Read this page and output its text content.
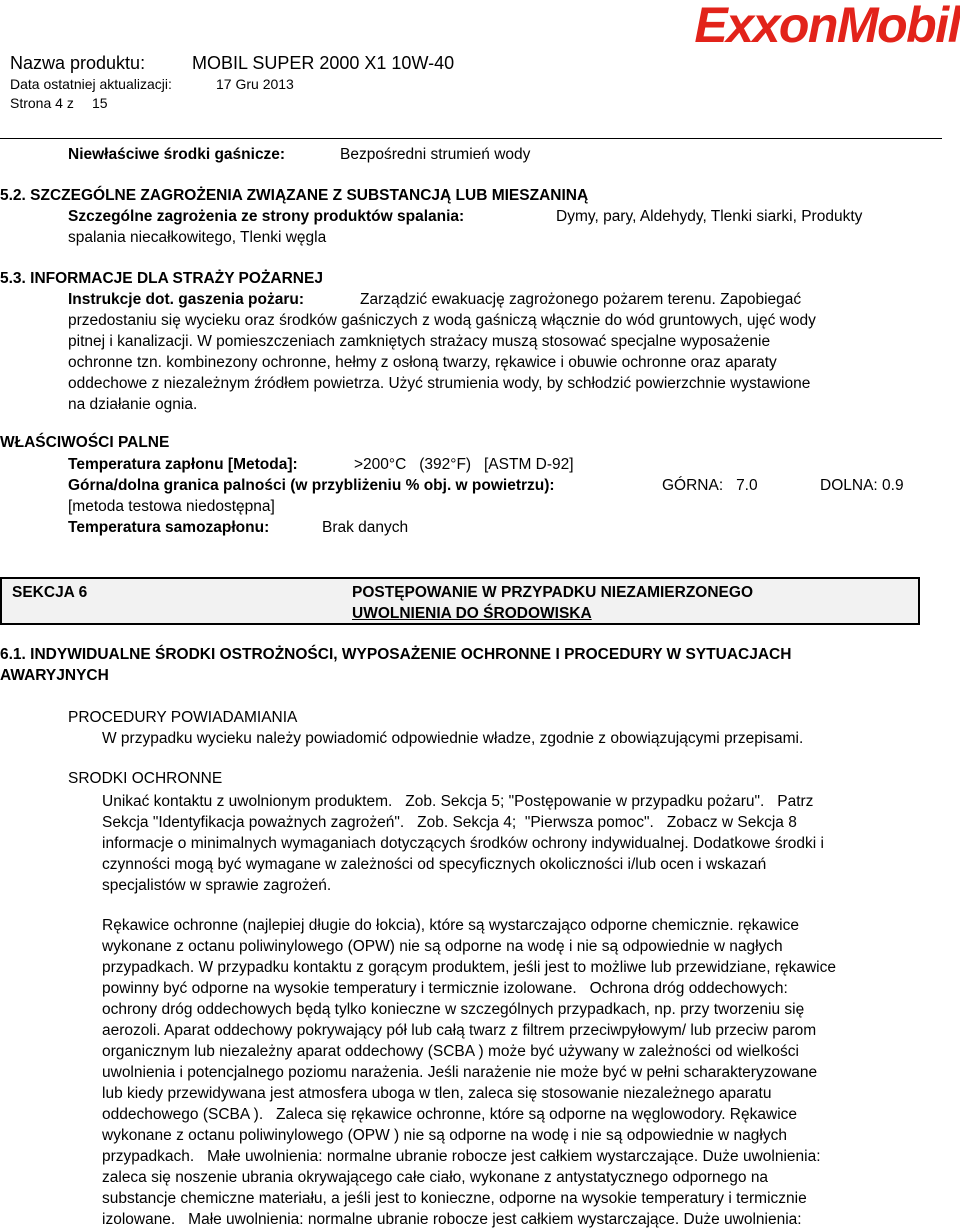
Nazwa produktu:	MOBIL SUPER 2000 X1 10W-40
Data ostatniej aktualizacji:	17 Gru 2013
Strona 4 z 15
ExxonMobil
Niewłaściwe środki gaśnicze:	Bezpośredni strumień wody
5.2. SZCZEGÓLNE ZAGROŻENIA ZWIĄZANE Z SUBSTANCJĄ LUB MIESZANINĄ
Szczególne zagrożenia ze strony produktów spalania:	Dymy, pary, Aldehydy, Tlenki siarki, Produkty
spalania niecałkowitego, Tlenki węgla
5.3. INFORMACJE DLA STRAŻY POŻARNEJ
Instrukcje dot. gaszenia pożaru:	Zarządzić ewakuację zagrożonego pożarem terenu. Zapobiegać
przedostaniu się wycieku oraz środków gaśniczych z wodą gaśniczą włącznie do wód gruntowych, ujęć wody
pitnej i kanalizacji. W pomieszczeniach zamkniętych strażacy muszą stosować specjalne wyposażenie
ochronne tzn. kombinezony ochronne, hełmy z osłoną twarzy, rękawice i obuwie ochronne oraz aparaty
oddechowe z niezależnym źródłem powietrza. Użyć strumienia wody, by schłodzić powierzchnie wystawione
na działanie ognia.
WŁAŚCIWOŚCI PALNE
Temperatura zapłonu [Metoda]:	>200°C   (392°F)   [ASTM D-92]
Górna/dolna granica palności (w przybliżeniu % obj. w powietrzu):	GÓRNA:   7.0	DOLNA: 0.9
[metoda testowa niedostępna]
Temperatura samozapłonu:	Brak danych
SEKCJA 6	POSTĘPOWANIE W PRZYPADKU NIEZAMIERZONEGO
UWOLNIENIA DO ŚRODOWISKA
6.1. INDYWIDUALNE ŚRODKI OSTROŻNOŚCI, WYPOSAŻENIE OCHRONNE I PROCEDURY W SYTUACJACH
AWARYJNYCH
PROCEDURY POWIADAMIANIA
W przypadku wycieku należy powiadomić odpowiednie władze, zgodnie z obowiązującymi przepisami.
SRODKI OCHRONNE
Unikać kontaktu z uwolnionym produktem.   Zob. Sekcja 5; "Postępowanie w przypadku pożaru".   Patrz
Sekcja "Identyfikacja poważnych zagrożeń".   Zob. Sekcja 4;  "Pierwsza pomoc".   Zobacz w Sekcja 8
informacje o minimalnych wymaganiach dotyczących środków ochrony indywidualnej. Dodatkowe środki i
czynności mogą być wymagane w zależności od specyficznych okoliczności i/lub ocen i wskazań
specjalistów w sprawie zagrożeń.
Rękawice ochronne (najlepiej długie do łokcia), które są wystarczająco odporne chemicznie. rękawice
wykonane z octanu poliwinylowego (OPW) nie są odporne na wodę i nie są odpowiednie w nagłych
przypadkach. W przypadku kontaktu z gorącym produktem, jeśli jest to możliwe lub przewidziane, rękawice
powinny być odporne na wysokie temperatury i termicznie izolowane.   Ochrona dróg oddechowych:
ochrony dróg oddechowych będą tylko konieczne w szczególnych przypadkach, np. przy tworzeniu się
aerozoli. Aparat oddechowy pokrywający pół lub całą twarz z filtrem przeciwpyłowym/ lub przeciw parom
organicznym lub niezależny aparat oddechowy (SCBA ) może być używany w zależności od wielkości
uwolnienia i potencjalnego poziomu narażenia. Jeśli narażenie nie może być w pełni scharakteryzowane
lub kiedy przewidywana jest atmosfera uboga w tlen, zaleca się stosowanie niezależnego aparatu
oddechowego (SCBA ).   Zaleca się rękawice ochronne, które są odporne na węglowodory. Rękawice
wykonane z octanu poliwinylowego (OPW ) nie są odporne na wodę i nie są odpowiednie w nagłych
przypadkach.   Małe uwolnienia: normalne ubranie robocze jest całkiem wystarczające. Duże uwolnienia:
zaleca się noszenie ubrania okrywającego całe ciało, wykonane z antystatycznego odpornego na
substancje chemiczne materiału, a jeśli jest to konieczne, odporne na wysokie temperatury i termicznie
izolowane.   Małe uwolnienia: normalne ubranie robocze jest całkiem wystarczające. Duże uwolnienia:
